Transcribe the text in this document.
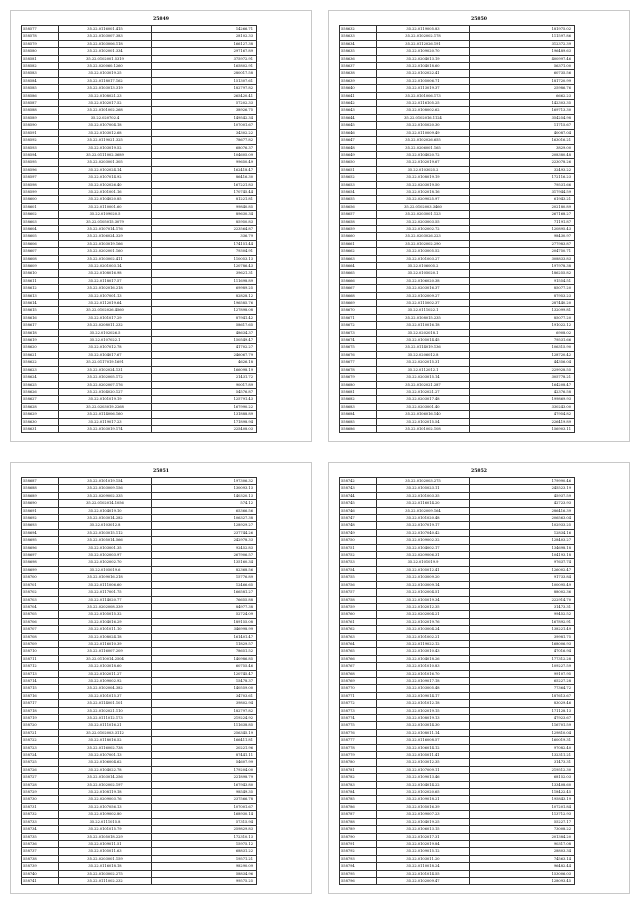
25849
558577	35.22.0116001.415	14266.71
558578	35.22.0103007.383	28102.33
558579	35.22.0103006.118	166127.38
558580	35.22.0102001.334	297167.89
558581	35.22.0102001.5319	375972.91
558582	35.22.020060.1260	165802.91
558583	35.22.0103019.25	280017.58
558584	35.22.0118017.162	151307.61
558585	35.22.0103013.319	182797.82
558586	35.22.0108021.23	265420.41
558587	35.22.0102017.52	57202.33
558588	35.22.0101002.268	38926.75
558589	35.22.020702.4	149542.34
558590	35.22.0107004.18	107001.67
558591	35.22.0103012.68	34302.22
558592	35.22.0119021.325	78677.82
558593	35.22.0103019.52	68076.37
558594	35.22.0111002.3689	104605.09
558595	35.22.0203001.305	99650.49
558596	35.22.0102024.14	162418.47
558597	35.22.0107014.92	86416.30
558598	35.22.0102026.40	167221.83
558599	35.22.0101001.16	170745.44
558600	35.22.0104020.85	81221.81
558601	35.22.0110001.60	99840.85
558602	35.22.0109020.5	89630.34
558603	35.22.0105015.3079	85950.83
558604	35.22.0107014.176	223564.87
558605	35.22.0106024.329	336.79
558606	35.22.0103019.166	174151.44
558607	35.22.0202001.160	79304.91
558608	35.22.0103002.411	110053.13
558609	35.22.0201003.14	120786.43
558610	35.22.0108016.98	39621.31
558611	35.22.0118017.57	111698.89
558612	35.22.0102016.218	69989.25
558613	35.22.0107001.13	82828.12
558614	35.22.0112019.64	196585.76
558615	35.22.0102026.4560	127898.08
558616	35.22.0101017.29	87941.42
558617	35.22.0208011.232	58617.65
558618	35.22.0102026.5	48634.37
558619	35.22.0107022.1	150549.47
558620	35.22.0107012.78	41702.27
558621	35.22.0104017.67	246067.79
558622	35.22.0117019.1691	4626.18
558623	35.22.0102024.131	166098.19
558624	35.22.0102005.172	21431.72
558625	35.22.0202007.176	90017.89
558626	35.22.0104020.127	54576.87
558627	35.22.0101019.19	125791.43
558628	35.22.0203019.2268	167990.22
558629	35.22.0114006.160	131888.89
558630	35.22.0119017.23	171898.94
558631	35.22.0103019.174	225408.03
25850
558632	35.22.0119005.83	181975.02
558633	35.22.0102002.178	111597.86
558634	35.22.0112026.191	312372.39
558635	35.22.0109020.70	196489.63
558636	35.22.0204013.19	400997.46
558637	35.22.0104018.60	56371.00
558638	35.22.0102022.41	60735.56
558639	35.22.0105006.71	181720.99
558640	35.22.0113019.37	25986.76
558641	35.22.0101006.173	6662.23
558642	35.22.0116105.25	142303.35
558643	35.22.0108002.62	169713.30
558644	35.22.0102016.1124	354254.98
558645	35.22.0105020.30	11715.67
558646	35.22.0110009.49	40087.04
558647	35.22.0102026.655	163016.21
558648	35.22.0206001.165	3829.00
558649	35.22.0104020.72	208380.48
558650	35.22.0102019.67	223078.26
558651	35.22.0103025.2	32493.22
558652	35.22.0108019.19	172116.23
558653	35.22.0203019.50	79531.66
558654	35.22.0102018.16	317944.59
558655	35.22.0209025.97	61943.21
558656	35.22.0102003.3460	202180.89
558657	35.22.0203001.123	267168.27
558658	35.22.0203003.55	71191.87
558659	35.22.0102002.72	120895.43
558660	35.22.0203026.223	98430.97
558661	35.22.0102002.290	277983.87
558662	35.22.0103005.52	204750.71
558663	35.22.0101003.27	308833.83
558664	35.22.0106005.2	197978.38
558665	35.22.0105020.1	186255.82
558666	35.22.0106020.38	91554.51
558667	35.22.0203016.37	85077.20
558668	35.22.0102009.27	87953.23
558669	35.22.0115002.37	287440.20
558670	35.22.0111022.1	132099.81
558671	35.22.0108015.235	85077.20
558672	35.22.0110016.18	191022.12
558673	35.22.0202018.1	6908.02
558674	35.22.0105014.45	79531.66
558675	35.22.0114019.136	106315.90
558676	35.22.0206012.8	128720.42
558677	35.22.0202015.31	44356.04
558678	35.22.0112012.1	229928.55
558679	35.22.0203015.14	305778.21
558680	35.22.0102021.287	164208.47
558681	35.22.0102021.27	42376.58
558682	35.22.0203017.48	199869.93
558683	35.22.0203001.40	330243.00
558684	35.22.0106016.140	47954.82
558685	35.22.0102015.54	226419.89
558686	35.22.0101002.108	156903.11
25851
558687	35.22.0101019.154	197306.32
558688	35.22.0103009.156	130093.13
558689	35.22.0209002.335	140320.13
558690	35.22.0102014.1056	574.12
558691	35.22.0104019.10	65366.56
558692	35.22.0103014.282	106327.38
558693	35.22.0103012.8	128929.27
558694	35.22.0103015.112	237744.26
558695	35.22.0105014.566	242978.33
558696	35.22.0103001.35	92452.83
558697	35.22.0102003.97	267906.57
558698	35.22.0102002.70	135160.34
558699	35.22.0105019.6	82368.56
558700	35.22.0109016.218	15776.89
558701	35.22.0111006.60	12466.65
558702	35.22.0117001.75	166581.27
558703	35.22.0114020.77	76655.88
558704	35.22.0202008.339	84977.38
558705	35.22.0105015.32	52724.09
558706	35.22.0104016.29	189155.08
558707	35.22.0101011.10	346998.99
558708	35.22.0108024.18	161401.47
558709	35.22.0116010.39	11829.57
558710	35.22.0116007.209	78651.52
558711	35.22.0110014.2504	140986.85
558712	35.22.0103018.60	60755.46
558713	35.22.0102011.27	120745.47
558714	35.22.0109002.92	15478.37
558715	35.22.0102004.382	140559.00
558716	35.22.0101015.37	34703.61
558717	35.22.0114001.101	39802.94
558718	35.22.0102021.110	182797.82
558719	35.22.0111012.173	219224.92
558720	35.22.0111016.21	111638.85
558721	35.22.0102003.3112	256345.19
558722	35.22.0118016.52	166411.81
558723	35.22.0116002.738	20221.96
558724	35.22.0107001.13	87441.11
558725	35.22.0106004.62	54607.99
558726	35.22.0104022.78	179204.00
558727	35.22.0103014.256	221898.79
558728	35.22.0102002.197	167943.80
558729	35.22.0108119.18	98549.35
558730	35.22.0209003.76	237566.78
558731	35.22.0107056.13	107001.67
558732	35.22.0109002.80	168930.14
558733	35.22.0111015.8	57315.94
558734	35.22.0101015.79	259829.83
558735	35.22.0105018.229	172310.13
558736	35.22.0109011.51	15975.12
558737	35.22.0105011.63	68831.22
558738	35.22.0203001.159	19571.21
558739	35.22.0116018.18	98290.09
558740	35.22.0103002.275	58834.96
558741	35.22.0111002.232	99575.25
25852
558742	35.22.0102003.275	179990.46
558743	35.22.0105023.11	245523.19
558744	35.22.0101003.35	45937.59
558745	35.22.0116014.20	42723.93
558746	35.22.0102009.164	286416.39
558747	35.22.0101020.48	206563.04
558748	35.22.0107019.17	102933.25
558749	35.22.0107040.42	12834.16
558750	35.22.0109002.32	128403.27
558751	35.22.0104002.17	134698.18
558752	35.22.0209006.31	104193.18
558753	35.22.0101019.9	97637.74
558754	35.22.0105012.41	126002.47
558755	35.22.0103009.20	91733.84
558756	35.22.0103009.14	100095.49
558757	35.22.0102004.51	88002.36
558758	35.22.0105019.34	222914.70
558759	35.22.0102012.35	31473.31
558760	35.22.0202004.21	99452.52
558761	35.22.0102019.76	167892.91
558762	35.22.0103004.24	138221.49
558763	35.22.0101002.21	39981.75
558764	35.22.0119022.12	168006.93
558765	35.22.0103010.43	47016.94
558766	35.22.0104018.26	177312.28
558767	35.22.0101010.83	109227.59
558768	35.22.0101016.70	99107.95
558769	35.22.0109017.18	65227.28
558770	35.22.0103005.48	77364.72
558771	35.22.0109014.17	187613.67
558772	35.22.0101012.18	83029.46
558773	35.22.0102019.15	171128.13
558774	35.22.0108019.13	47923.67
558775	35.22.0103014.30	116701.59
558776	35.22.0108011.14	129810.04
558777	35.22.0116008.57	160019.31
558778	35.22.0106014.12	97082.40
558779	35.22.0105011.41	132311.21
558780	35.22.0103012.35	31473.31
558781	35.22.0107009.11	219512.30
558782	35.22.0109013.46	68152.03
558783	35.22.0104014.22	133408.60
558784	35.22.0102020.65	118422.45
558785	35.22.0109018.21	195843.19
558786	35.22.0105016.39	107201.84
558787	35.22.0109007.23	113712.93
558788	35.22.0104019.25	55227.17
558789	35.22.0106013.15	73008.22
558790	35.22.0102017.31	201384.20
558791	35.22.0102019.84	90317.08
558792	35.22.0109015.12	28803.34
558793	35.22.0103011.20	74563.14
558794	35.22.0110018.24	96482.44
558795	35.22.0101014.55	153006.03
558796	35.22.0102009.47	128093.45
